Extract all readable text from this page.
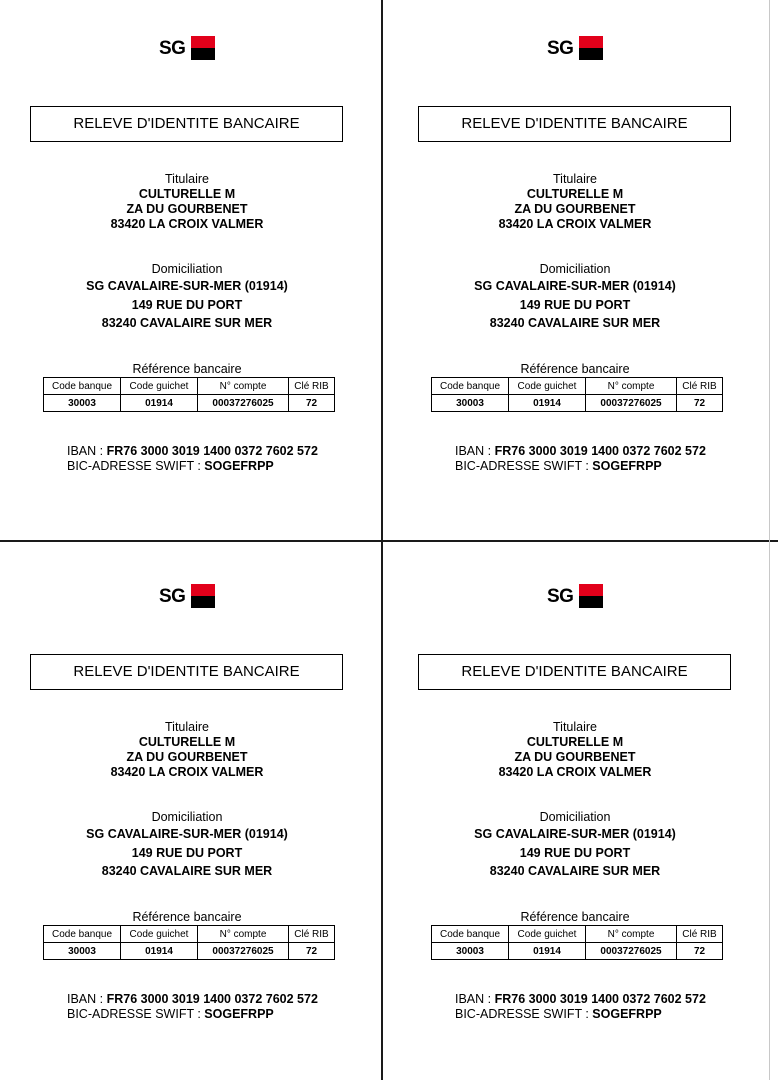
SG
RELEVE D'IDENTITE BANCAIRE
Titulaire
CULTURELLE M
ZA DU GOURBENET
83420 LA CROIX VALMER
Domiciliation
SG CAVALAIRE-SUR-MER (01914)
149 RUE DU PORT
83240 CAVALAIRE SUR MER
Référence bancaire
Code banque	Code guichet	N° compte	Clé RIB
30003	01914	00037276025	72
IBAN : FR76 3000 3019 1400 0372 7602 572
BIC-ADRESSE SWIFT : SOGEFRPP
SG
RELEVE D'IDENTITE BANCAIRE
Titulaire
CULTURELLE M
ZA DU GOURBENET
83420 LA CROIX VALMER
Domiciliation
SG CAVALAIRE-SUR-MER (01914)
149 RUE DU PORT
83240 CAVALAIRE SUR MER
Référence bancaire
Code banque	Code guichet	N° compte	Clé RIB
30003	01914	00037276025	72
IBAN : FR76 3000 3019 1400 0372 7602 572
BIC-ADRESSE SWIFT : SOGEFRPP
SG
RELEVE D'IDENTITE BANCAIRE
Titulaire
CULTURELLE M
ZA DU GOURBENET
83420 LA CROIX VALMER
Domiciliation
SG CAVALAIRE-SUR-MER (01914)
149 RUE DU PORT
83240 CAVALAIRE SUR MER
Référence bancaire
Code banque	Code guichet	N° compte	Clé RIB
30003	01914	00037276025	72
IBAN : FR76 3000 3019 1400 0372 7602 572
BIC-ADRESSE SWIFT : SOGEFRPP
SG
RELEVE D'IDENTITE BANCAIRE
Titulaire
CULTURELLE M
ZA DU GOURBENET
83420 LA CROIX VALMER
Domiciliation
SG CAVALAIRE-SUR-MER (01914)
149 RUE DU PORT
83240 CAVALAIRE SUR MER
Référence bancaire
Code banque	Code guichet	N° compte	Clé RIB
30003	01914	00037276025	72
IBAN : FR76 3000 3019 1400 0372 7602 572
BIC-ADRESSE SWIFT : SOGEFRPP
